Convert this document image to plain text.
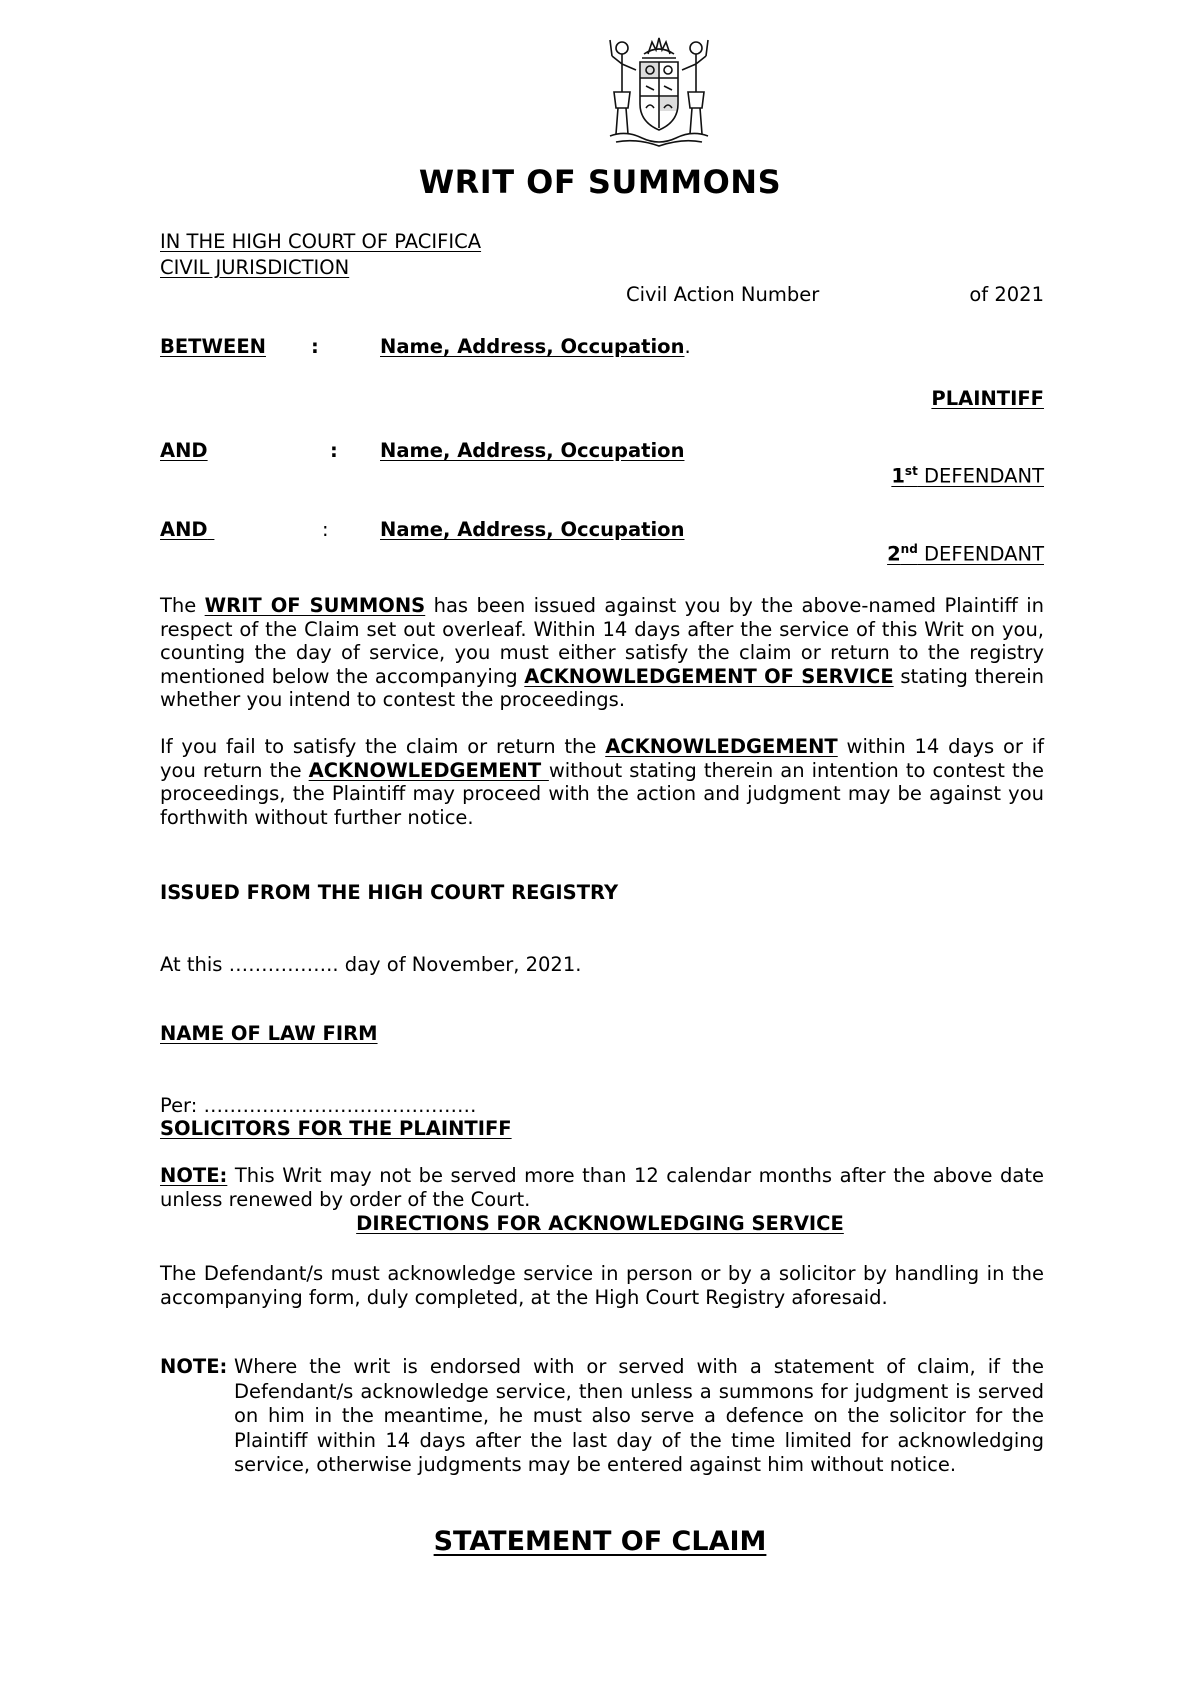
WRIT OF SUMMONS
IN THE HIGH COURT OF PACIFICA
CIVIL JURISDICTION
Civil Action Number	of 2021
BETWEEN :	Name, Address, Occupation.
PLAINTIFF
AND	: Name, Address, Occupation
1st DEFENDANT
AND	:	Name, Address, Occupation
2nd DEFENDANT

The WRIT OF SUMMONS has been issued against you by the above-named Plaintiff in respect of the Claim set out overleaf. Within 14 days after the service of this Writ on you, counting the day of service, you must either satisfy the claim or return to the registry mentioned below the accompanying ACKNOWLEDGEMENT OF SERVICE stating therein whether you intend to contest the proceedings.

If you fail to satisfy the claim or return the ACKNOWLEDGEMENT within 14 days or if you return the ACKNOWLEDGEMENT without stating therein an intention to contest the proceedings, the Plaintiff may proceed with the action and judgment may be against you forthwith without further notice.

ISSUED FROM THE HIGH COURT REGISTRY
At this …………….. day of November, 2021.
NAME OF LAW FIRM
Per: ……………………………………
SOLICITORS FOR THE PLAINTIFF

NOTE: This Writ may not be served more than 12 calendar months after the above date unless renewed by order of the Court.

DIRECTIONS FOR ACKNOWLEDGING SERVICE

The Defendant/s must acknowledge service in person or by a solicitor by handling in the accompanying form, duly completed, at the High Court Registry aforesaid.

NOTE: Where the writ is endorsed with or served with a statement of claim, if the Defendant/s acknowledge service, then unless a summons for judgment is served on him in the meantime, he must also serve a defence on the solicitor for the Plaintiff within 14 days after the last day of the time limited for acknowledging service, otherwise judgments may be entered against him without notice.
STATEMENT OF CLAIM
